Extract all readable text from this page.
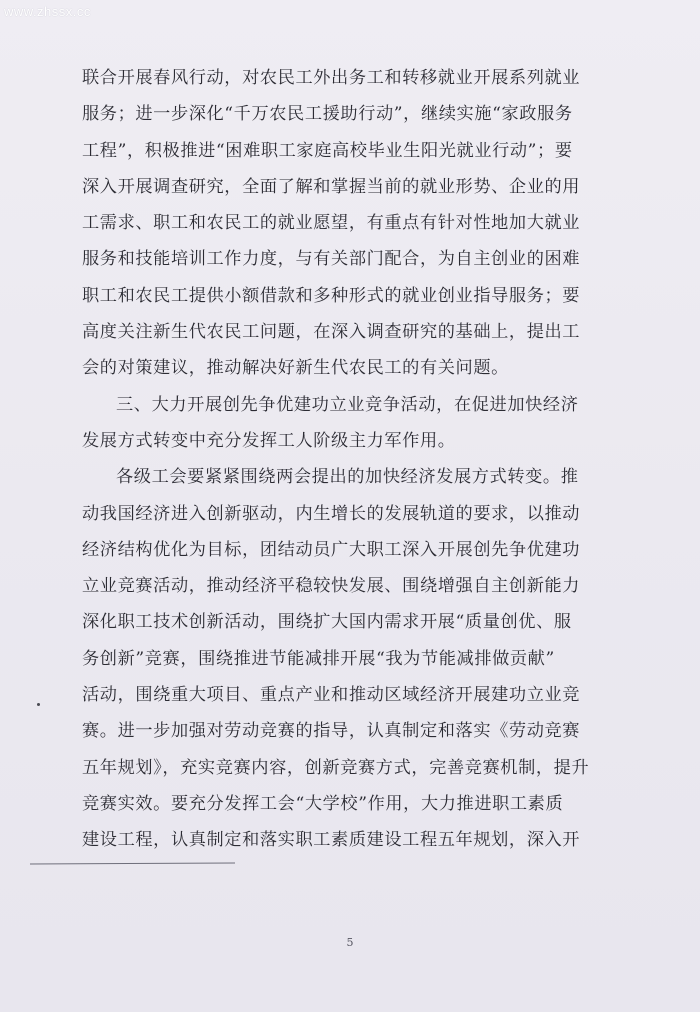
www.zhssx.cc
联合开展春风行动，对农民工外出务工和转移就业开展系列就业
服务；进一步深化“千万农民工援助行动”，继续实施“家政服务
工程”，积极推进“困难职工家庭高校毕业生阳光就业行动”；要
深入开展调查研究，全面了解和掌握当前的就业形势、企业的用
工需求、职工和农民工的就业愿望，有重点有针对性地加大就业
服务和技能培训工作力度，与有关部门配合，为自主创业的困难
职工和农民工提供小额借款和多种形式的就业创业指导服务；要
高度关注新生代农民工问题，在深入调查研究的基础上，提出工
会的对策建议，推动解决好新生代农民工的有关问题。
三、大力开展创先争优建功立业竞争活动，在促进加快经济
发展方式转变中充分发挥工人阶级主力军作用。
各级工会要紧紧围绕两会提出的加快经济发展方式转变。推
动我国经济进入创新驱动，内生增长的发展轨道的要求，以推动
经济结构优化为目标，团结动员广大职工深入开展创先争优建功
立业竞赛活动，推动经济平稳较快发展、围绕增强自主创新能力
深化职工技术创新活动，围绕扩大国内需求开展“质量创优、服
务创新”竞赛，围绕推进节能减排开展“我为节能减排做贡献”
活动，围绕重大项目、重点产业和推动区域经济开展建功立业竞
赛。进一步加强对劳动竞赛的指导，认真制定和落实《劳动竞赛
五年规划》，充实竞赛内容，创新竞赛方式，完善竞赛机制，提升
竞赛实效。要充分发挥工会“大学校”作用，大力推进职工素质
建设工程，认真制定和落实职工素质建设工程五年规划，深入开
5
